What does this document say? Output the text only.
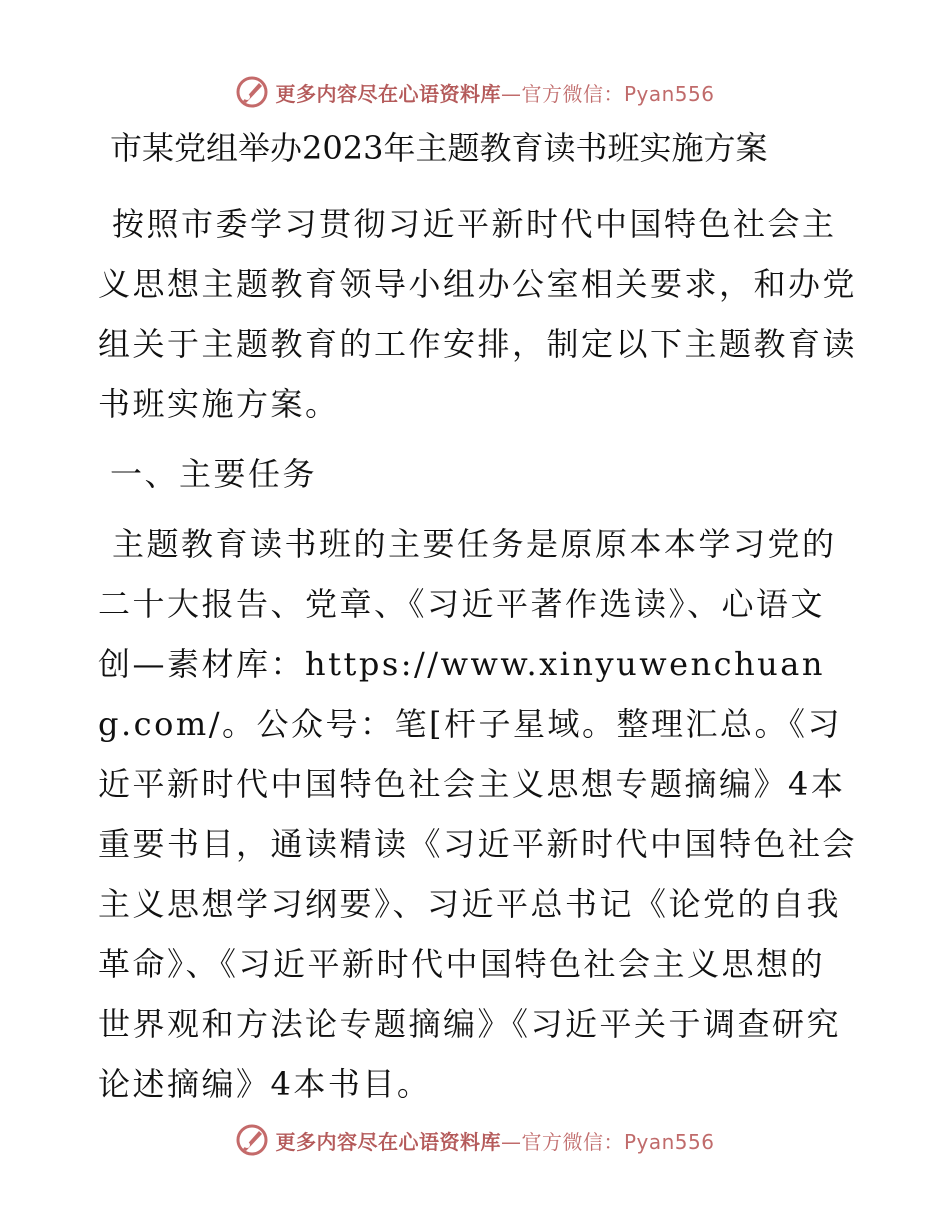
更多内容尽在心语资料库—官方微信：Pyan556
市某党组举办2023年主题教育读书班实施方案

按照市委学习贯彻习近平新时代中国特色社会主义思想主题教育领导小组办公室相关要求，和办党组关于主题教育的工作安排，制定以下主题教育读书班实施方案。

一、主要任务

主题教育读书班的主要任务是原原本本学习党的二十大报告、党章、《习近平著作选读》、心语文创—素材库：https://www.xinyuwenchuang.com/。公众号：笔[杆子星域。整理汇总。《习近平新时代中国特色社会主义思想专题摘编》4本重要书目，通读精读《习近平新时代中国特色社会主义思想学习纲要》、习近平总书记《论党的自我革命》、《习近平新时代中国特色社会主义思想的世界观和方法论专题摘编》《习近平关于调查研究论述摘编》4本书目。

更多内容尽在心语资料库—官方微信：Pyan556
